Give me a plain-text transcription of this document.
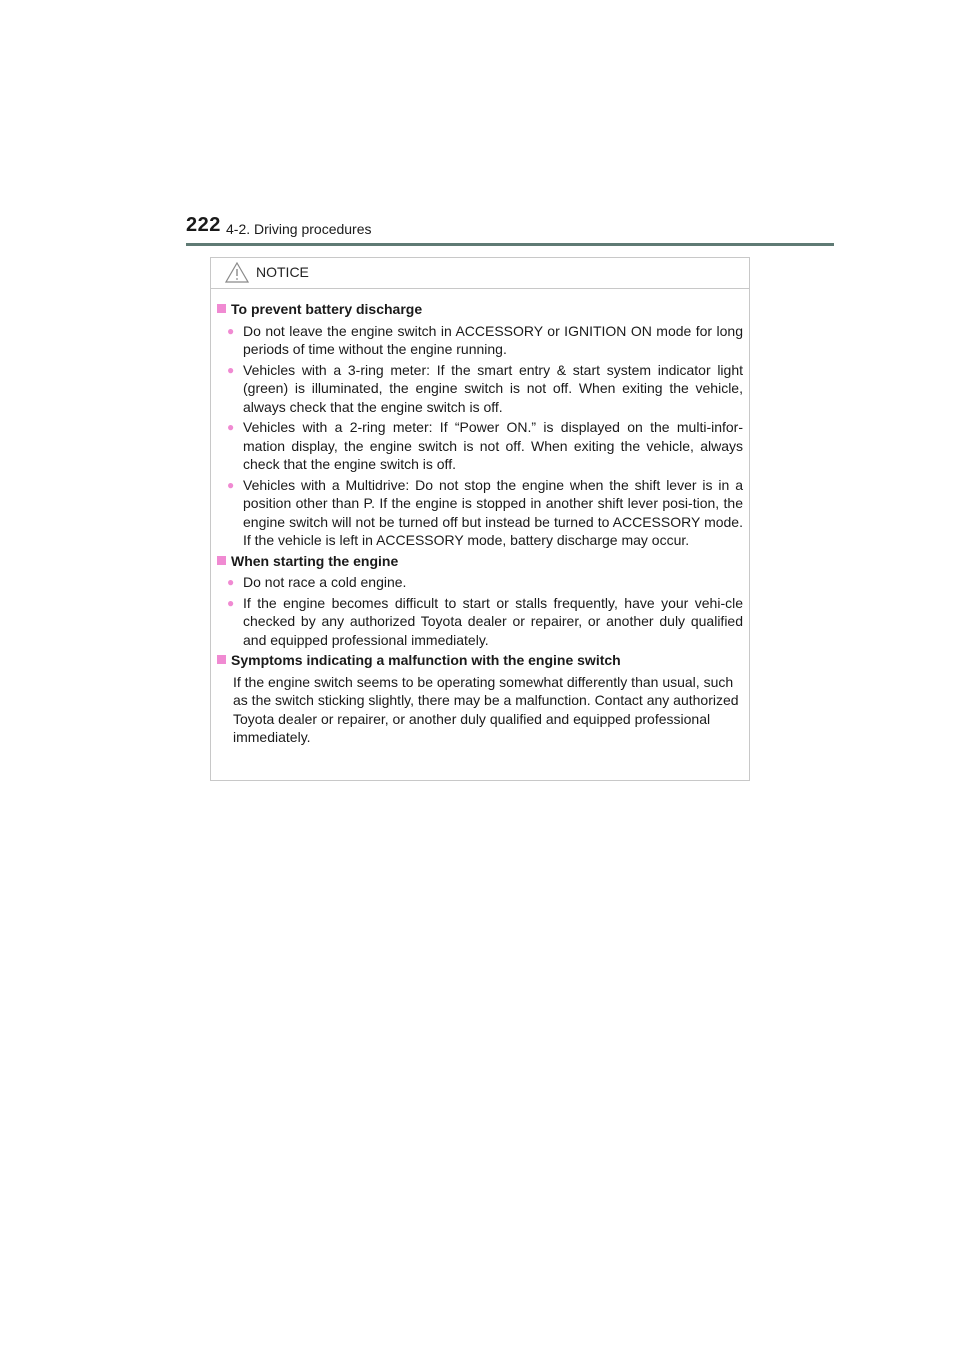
222 4-2. Driving procedures
NOTICE
To prevent battery discharge
● Do not leave the engine switch in ACCESSORY or IGNITION ON mode for long periods of time without the engine running.
● Vehicles with a 3-ring meter: If the smart entry & start system indicator light (green) is illuminated, the engine switch is not off. When exiting the vehicle, always check that the engine switch is off.
● Vehicles with a 2-ring meter: If “Power ON.” is displayed on the multi-infor-mation display, the engine switch is not off. When exiting the vehicle, always check that the engine switch is off.
● Vehicles with a Multidrive: Do not stop the engine when the shift lever is in a position other than P. If the engine is stopped in another shift lever posi-tion, the engine switch will not be turned off but instead be turned to ACCESSORY mode. If the vehicle is left in ACCESSORY mode, battery discharge may occur.
When starting the engine
● Do not race a cold engine.
● If the engine becomes difficult to start or stalls frequently, have your vehi-cle checked by any authorized Toyota dealer or repairer, or another duly qualified and equipped professional immediately.
Symptoms indicating a malfunction with the engine switch
If the engine switch seems to be operating somewhat differently than usual, such as the switch sticking slightly, there may be a malfunction. Contact any authorized Toyota dealer or repairer, or another duly qualified and equipped professional immediately.
